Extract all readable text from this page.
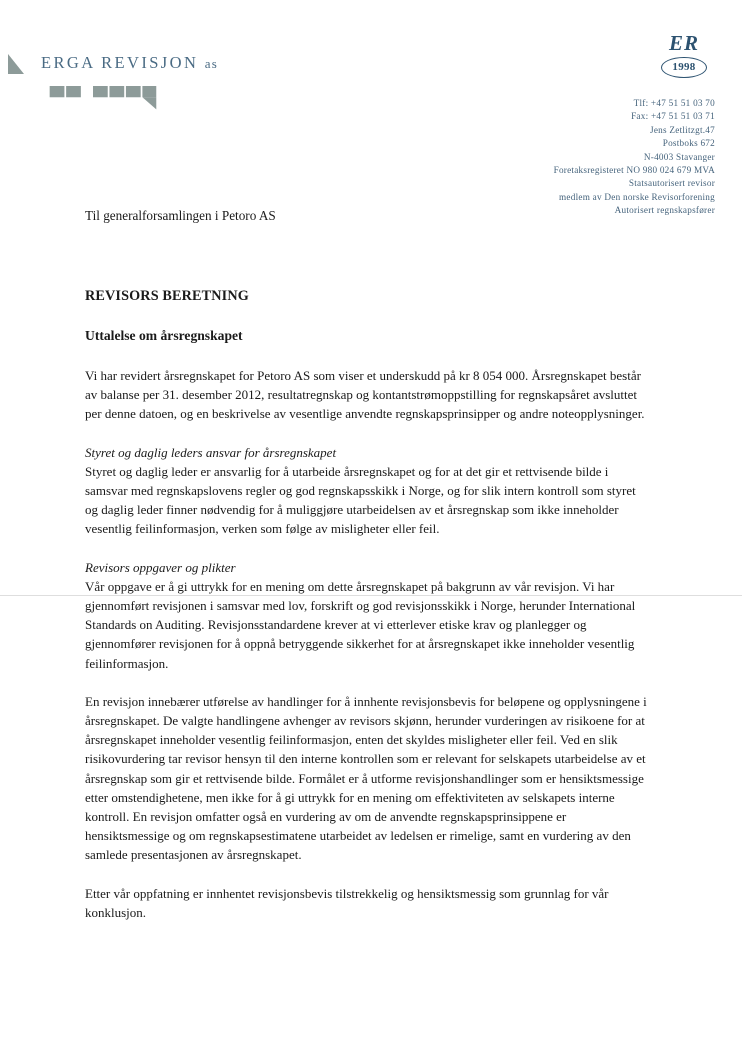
ERGA REVISJON as
ER
1998
Tlf: +47 51 51 03 70
Fax: +47 51 51 03 71
Jens Zetlitzgt.47
Postboks 672
N-4003 Stavanger
Foretaksregisteret NO 980 024 679 MVA
Statsautorisert revisor
medlem av Den norske Revisorforening
Autorisert regnskapsfører

Til generalforsamlingen i Petoro AS

REVISORS BERETNING
Uttalelse om årsregnskapet

Vi har revidert årsregnskapet for Petoro AS som viser et underskudd på kr 8 054 000. Årsregnskapet består av balanse per 31. desember 2012, resultatregnskap og kontantstrømoppstilling for regnskapsåret avsluttet per denne datoen, og en beskrivelse av vesentlige anvendte regnskapsprinsipper og andre noteopplysninger.

Styret og daglig leders ansvar for årsregnskapet

Styret og daglig leder er ansvarlig for å utarbeide årsregnskapet og for at det gir et rettvisende bilde i samsvar med regnskapslovens regler og god regnskapsskikk i Norge, og for slik intern kontroll som styret og daglig leder finner nødvendig for å muliggjøre utarbeidelsen av et årsregnskap som ikke inneholder vesentlig feilinformasjon, verken som følge av misligheter eller feil.

Revisors oppgaver og plikter

Vår oppgave er å gi uttrykk for en mening om dette årsregnskapet på bakgrunn av vår revisjon. Vi har gjennomført revisjonen i samsvar med lov, forskrift og god revisjonsskikk i Norge, herunder International Standards on Auditing. Revisjonsstandardene krever at vi etterlever etiske krav og planlegger og gjennomfører revisjonen for å oppnå betryggende sikkerhet for at årsregnskapet ikke inneholder vesentlig feilinformasjon.

En revisjon innebærer utførelse av handlinger for å innhente revisjonsbevis for beløpene og opplysningene i årsregnskapet. De valgte handlingene avhenger av revisors skjønn, herunder vurderingen av risikoene for at årsregnskapet inneholder vesentlig feilinformasjon, enten det skyldes misligheter eller feil. Ved en slik risikovurdering tar revisor hensyn til den interne kontrollen som er relevant for selskapets utarbeidelse av et årsregnskap som gir et rettvisende bilde. Formålet er å utforme revisjonshandlinger som er hensiktsmessige etter omstendighetene, men ikke for å gi uttrykk for en mening om effektiviteten av selskapets interne kontroll. En revisjon omfatter også en vurdering av om de anvendte regnskapsprinsippene er hensiktsmessige og om regnskapsestimatene utarbeidet av ledelsen er rimelige, samt en vurdering av den samlede presentasjonen av årsregnskapet.

Etter vår oppfatning er innhentet revisjonsbevis tilstrekkelig og hensiktsmessig som grunnlag for vår konklusjon.
